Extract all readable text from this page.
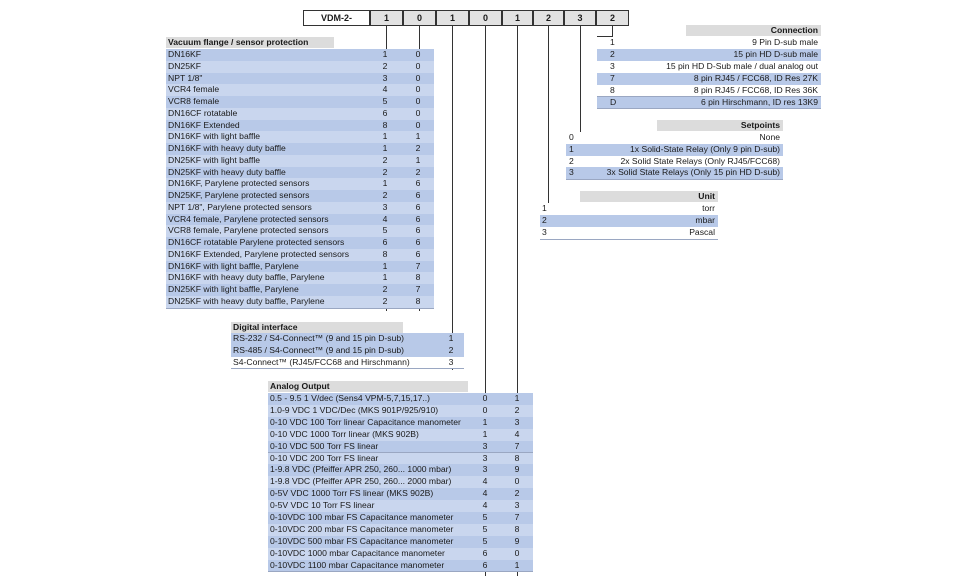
VDM-2-	1	0	1	0	1	2	3	2
Vacuum flange / sensor protection
DN16KF	1	0
DN25KF	2	0
NPT 1/8"	3	0
VCR4 female	4	0
VCR8 female	5	0
DN16CF rotatable	6	0
DN16KF Extended	8	0
DN16KF with light baffle	1	1
DN16KF with heavy duty baffle	1	2
DN25KF with light baffle	2	1
DN25KF with heavy duty baffle	2	2
DN16KF, Parylene protected sensors	1	6
DN25KF, Parylene protected sensors	2	6
NPT 1/8", Parylene protected sensors	3	6
VCR4 female, Parylene protected sensors	4	6
VCR8 female, Parylene protected sensors	5	6
DN16CF rotatable Parylene protected sensors	6	6
DN16KF Extended, Parylene protected sensors	8	6
DN16KF with light baffle, Parylene	1	7
DN16KF with heavy duty baffle, Parylene	1	8
DN25KF with light baffle, Parylene	2	7
DN25KF with heavy duty baffle, Parylene	2	8
Digital interface
RS-232 / S4-Connect™ (9 and 15 pin D-sub)	1
RS-485 / S4-Connect™ (9 and 15 pin D-sub)	2
S4-Connect™ (RJ45/FCC68 and Hirschmann)	3
Analog Output
0.5 - 9.5 1 V/dec (Sens4 VPM-5,7,15,17..)	0	1
1.0-9 VDC 1 VDC/Dec (MKS 901P/925/910)	0	2
0-10 VDC 100 Torr linear Capacitance manometer	1	3
0-10 VDC 1000 Torr linear (MKS 902B)	1	4
0-10 VDC 500 Torr FS linear	3	7
0-10 VDC 200 Torr FS linear	3	8
1-9.8 VDC (Pfeiffer APR 250, 260... 1000 mbar)	3	9
1-9.8 VDC (Pfeiffer APR 250, 260... 2000 mbar)	4	0
0-5V VDC 1000 Torr FS linear (MKS 902B)	4	2
0-5V VDC 10 Torr FS linear	4	3
0-10VDC 100 mbar FS Capacitance manometer	5	7
0-10VDC 200 mbar FS Capacitance manometer	5	8
0-10VDC 500 mbar FS Capacitance manometer	5	9
0-10VDC 1000 mbar Capacitance manometer	6	0
0-10VDC 1100 mbar Capacitance manometer	6	1
Unit
1	torr
2	mbar
3	Pascal
Setpoints
0	None
1	1x Solid-State Relay (Only 9 pin D-sub)
2	2x Solid State Relays (Only RJ45/FCC68)
3	3x Solid State Relays (Only 15 pin HD D-sub)
Connection
1	9 Pin D-sub male
2	15 pin HD D-sub male
3	15 pin HD D-Sub male / dual analog out
7	8 pin RJ45 / FCC68, ID Res 27K
8	8 pin RJ45 / FCC68, ID Res 36K
D	6 pin Hirschmann, ID res 13K9
